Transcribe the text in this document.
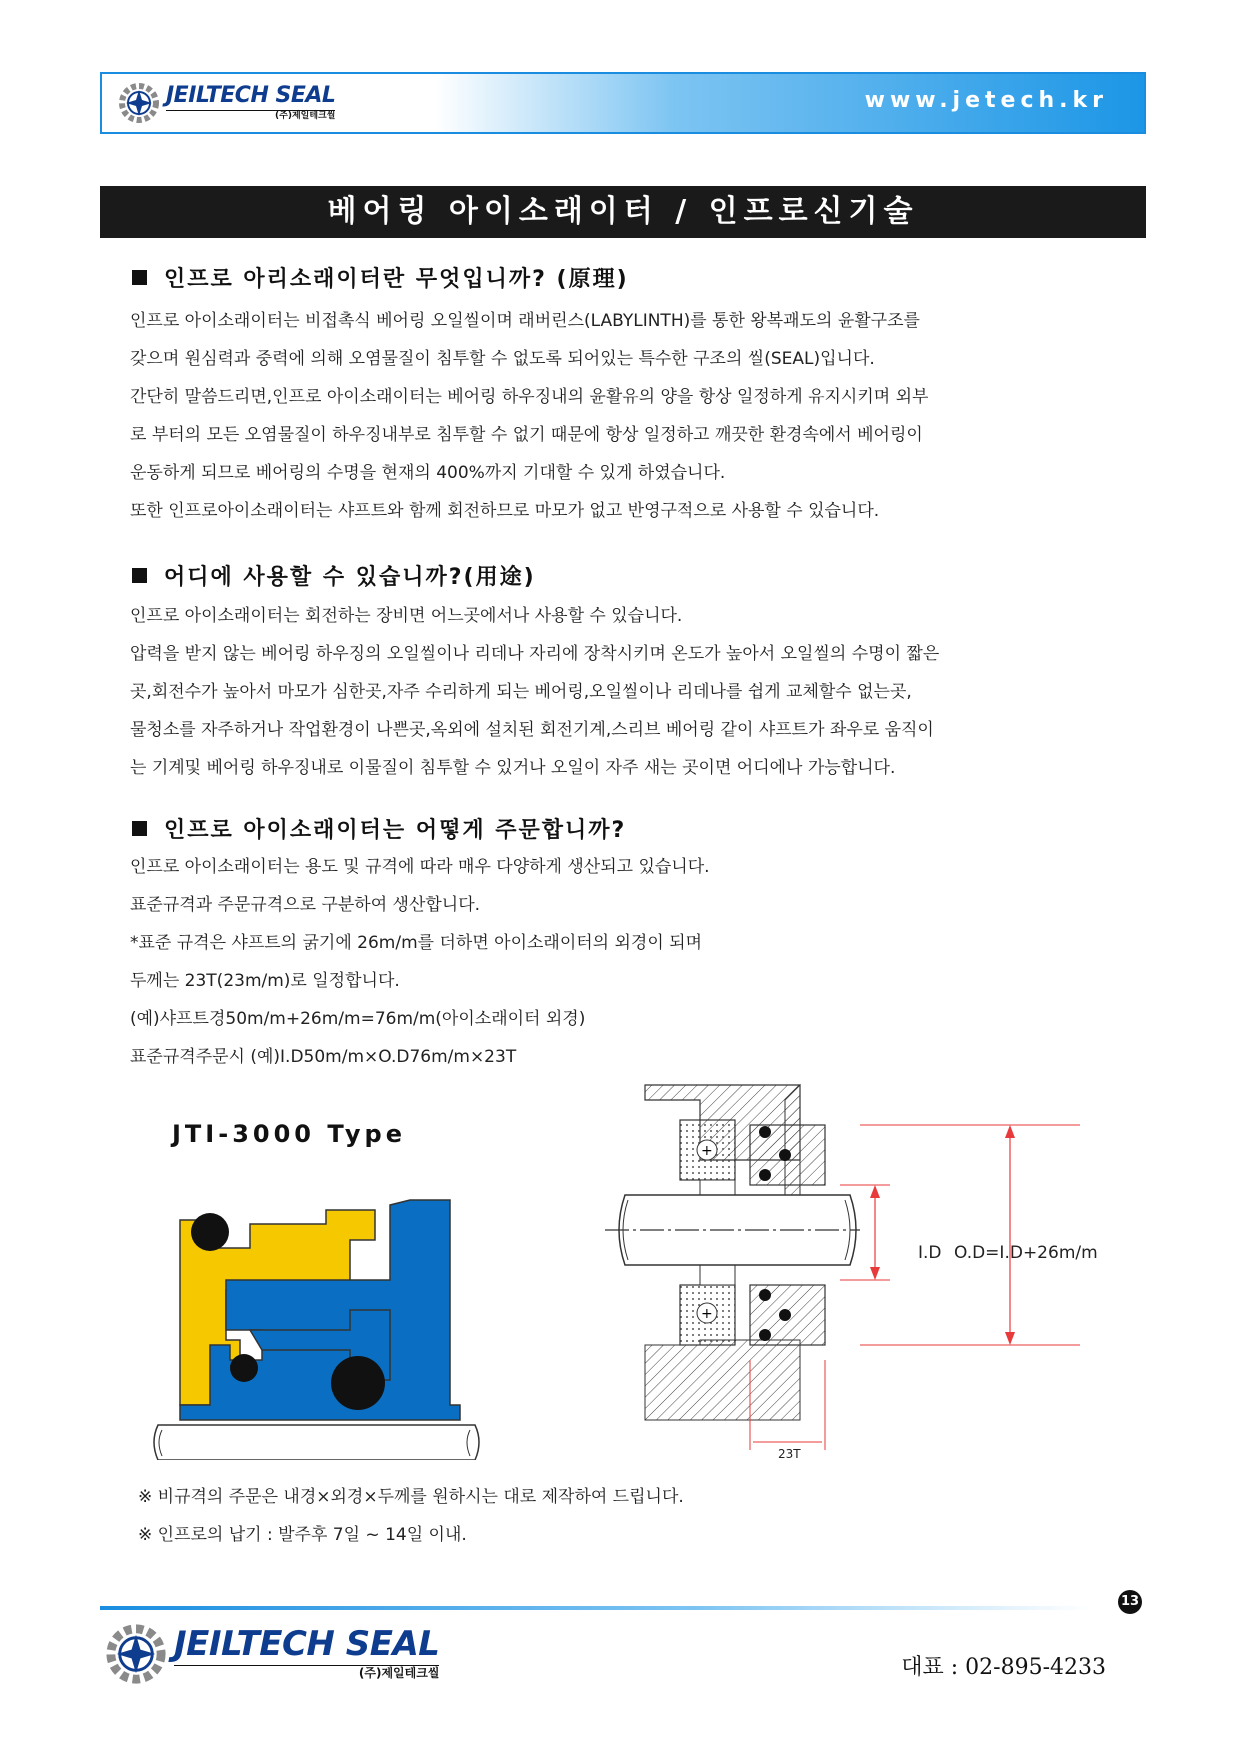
JEILTECH SEAL
(주)제일테크씰
www.jetech.kr
베어링 아이소래이터 / 인프로신기술
인프로 아리소래이터란 무엇입니까? (原理)
인프로 아이소래이터는 비접촉식 베어링 오일씰이며 래버린스(LABYLINTH)를 통한 왕복괘도의 윤활구조를
갖으며 원심력과 중력에 의해 오염물질이 침투할 수 없도록 되어있는 특수한 구조의 씰(SEAL)입니다.
간단히 말씀드리면,인프로 아이소래이터는 베어링 하우징내의 윤활유의 양을 항상 일정하게 유지시키며 외부
로 부터의 모든 오염물질이 하우징내부로 침투할 수 없기 때문에 항상 일정하고 깨끗한 환경속에서 베어링이
운동하게 되므로 베어링의 수명을 현재의 400%까지 기대할 수 있게 하였습니다.
또한 인프로아이소래이터는 샤프트와 함께 회전하므로 마모가 없고 반영구적으로 사용할 수 있습니다.
어디에 사용할 수 있습니까?(用途)
인프로 아이소래이터는 회전하는 장비면 어느곳에서나 사용할 수 있습니다.
압력을 받지 않는 베어링 하우징의 오일씰이나 리데나 자리에 장착시키며 온도가 높아서 오일씰의 수명이 짧은
곳,회전수가 높아서 마모가 심한곳,자주 수리하게 되는 베어링,오일씰이나 리데나를 쉽게 교체할수 없는곳,
물청소를 자주하거나 작업환경이 나쁜곳,옥외에 설치된 회전기계,스리브 베어링 같이 샤프트가 좌우로 움직이
는 기계및 베어링 하우징내로 이물질이 침투할 수 있거나 오일이 자주 새는 곳이면 어디에나 가능합니다.
인프로 아이소래이터는 어떻게 주문합니까?
인프로 아이소래이터는 용도 및 규격에 따라 매우 다양하게 생산되고 있습니다.
표준규격과 주문규격으로 구분하여 생산합니다.
*표준 규격은 샤프트의 굵기에 26m/m를 더하면 아이소래이터의 외경이 되며
두께는 23T(23m/m)로 일정합니다.
(예)샤프트경50m/m+26m/m=76m/m(아이소래이터 외경)
표준규격주문시 (예)I.D50m/m×O.D76m/m×23T
JTI-3000 Type
+
+
I.D O.D=I.D+26m/m
23T
※ 비규격의 주문은 내경×외경×두께를 원하시는 대로 제작하여 드립니다.
※ 인프로의 납기 : 발주후 7일 ~ 14일 이내.
13
JEILTECH SEAL
(주)제일테크씰	대표 : 02-895-4233
